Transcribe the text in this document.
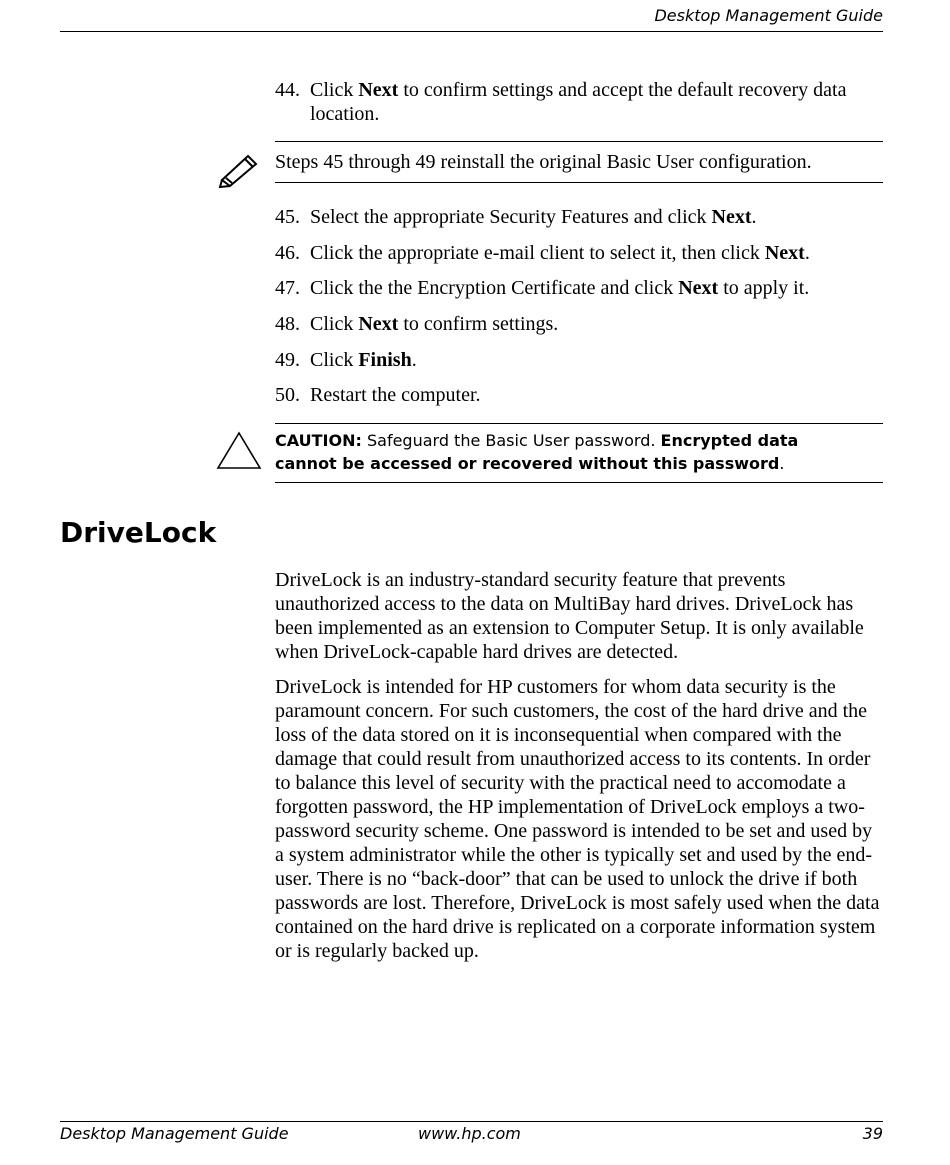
Desktop Management Guide
44. Click Next to confirm settings and accept the default recovery data location.
Steps 45 through 49 reinstall the original Basic User configuration.
45. Select the appropriate Security Features and click Next.
46. Click the appropriate e-mail client to select it, then click Next.
47. Click the the Encryption Certificate and click Next to apply it.
48. Click Next to confirm settings.
49. Click Finish.
50. Restart the computer.
CAUTION: Safeguard the Basic User password. Encrypted data cannot be accessed or recovered without this password.
DriveLock
DriveLock is an industry-standard security feature that prevents unauthorized access to the data on MultiBay hard drives. DriveLock has been implemented as an extension to Computer Setup. It is only available when DriveLock-capable hard drives are detected.
DriveLock is intended for HP customers for whom data security is the paramount concern. For such customers, the cost of the hard drive and the loss of the data stored on it is inconsequential when compared with the damage that could result from unauthorized access to its contents. In order to balance this level of security with the practical need to accomodate a forgotten password, the HP implementation of DriveLock employs a two-password security scheme. One password is intended to be set and used by a system administrator while the other is typically set and used by the end-user. There is no “back-door” that can be used to unlock the drive if both passwords are lost. Therefore, DriveLock is most safely used when the data contained on the hard drive is replicated on a corporate information system or is regularly backed up.
Desktop Management Guide	www.hp.com	39
